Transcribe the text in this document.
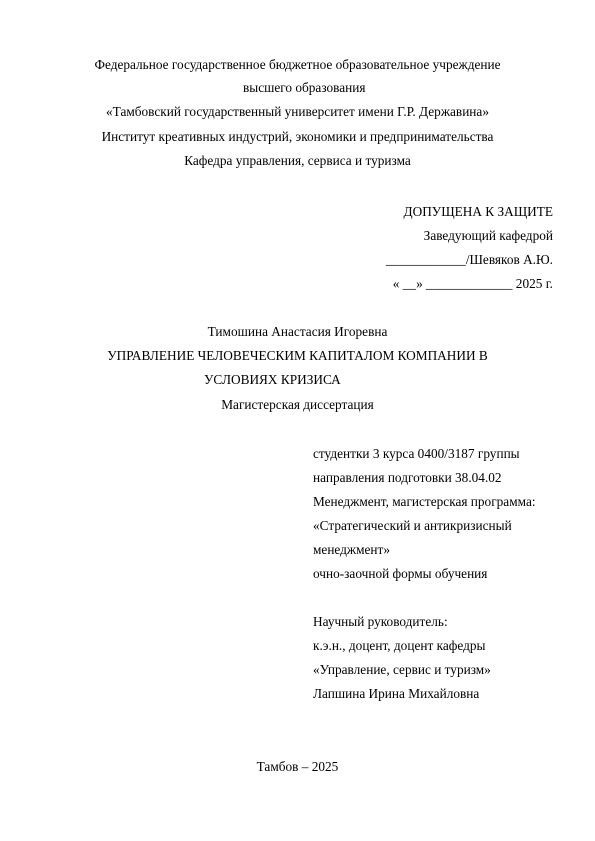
Федеральное государственное бюджетное образовательное учреждение
высшего образования
«Тамбовский государственный университет имени Г.Р. Державина»
Институт креативных индустрий, экономики и предпринимательства
Кафедра управления, сервиса и туризма
ДОПУЩЕНА К ЗАЩИТЕ
Заведующий кафедрой
____________/Шевяков А.Ю.
« __» _____________ 2025 г.
Тимошина Анастасия Игоревна
УПРАВЛЕНИЕ ЧЕЛОВЕЧЕСКИМ КАПИТАЛОМ КОМПАНИИ В
УСЛОВИЯХ КРИЗИСА
Магистерская диссертация
студентки 3 курса 0400/3187 группы
направления подготовки 38.04.02
Менеджмент, магистерская программа:
«Стратегический и антикризисный
менеджмент»
очно-заочной формы обучения
Научный руководитель:
к.э.н., доцент, доцент кафедры
«Управление, сервис и туризм»
Лапшина Ирина Михайловна
Тамбов – 2025
